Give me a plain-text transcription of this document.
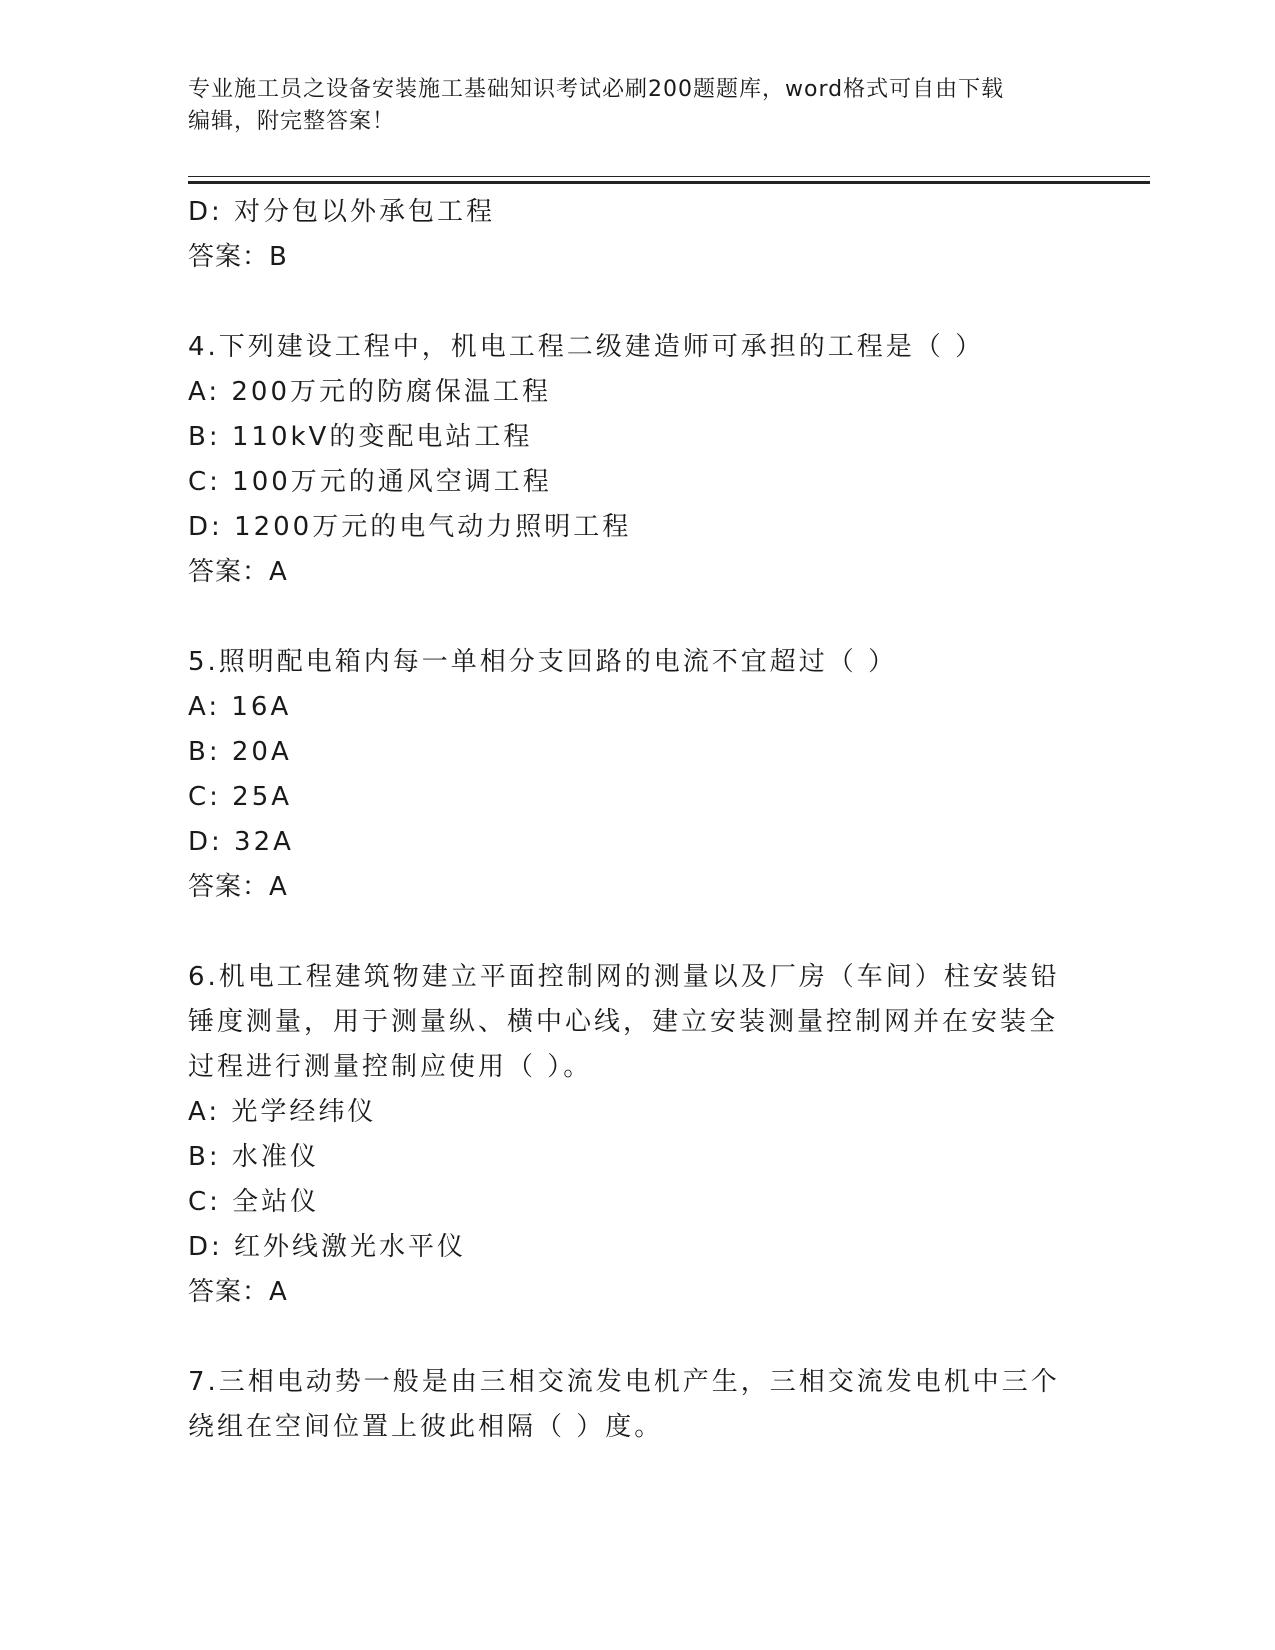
专业施工员之设备安装施工基础知识考试必刷200题题库，word格式可自由下载
编辑，附完整答案！

D: 对分包以外承包工程

答案：B

4.下列建设工程中，机电工程二级建造师可承担的工程是（ ）

A: 200万元的防腐保温工程

B: 110kV的变配电站工程

C: 100万元的通风空调工程

D: 1200万元的电气动力照明工程

答案：A

5.照明配电箱内每一单相分支回路的电流不宜超过（ ）

A: 16A

B: 20A

C: 25A

D: 32A

答案：A

6.机电工程建筑物建立平面控制网的测量以及厂房（车间）柱安装铅

锤度测量，用于测量纵、横中心线，建立安装测量控制网并在安装全

过程进行测量控制应使用（ ）。

A: 光学经纬仪

B: 水准仪

C: 全站仪

D: 红外线激光水平仪

答案：A

7.三相电动势一般是由三相交流发电机产生，三相交流发电机中三个

绕组在空间位置上彼此相隔（ ）度。
